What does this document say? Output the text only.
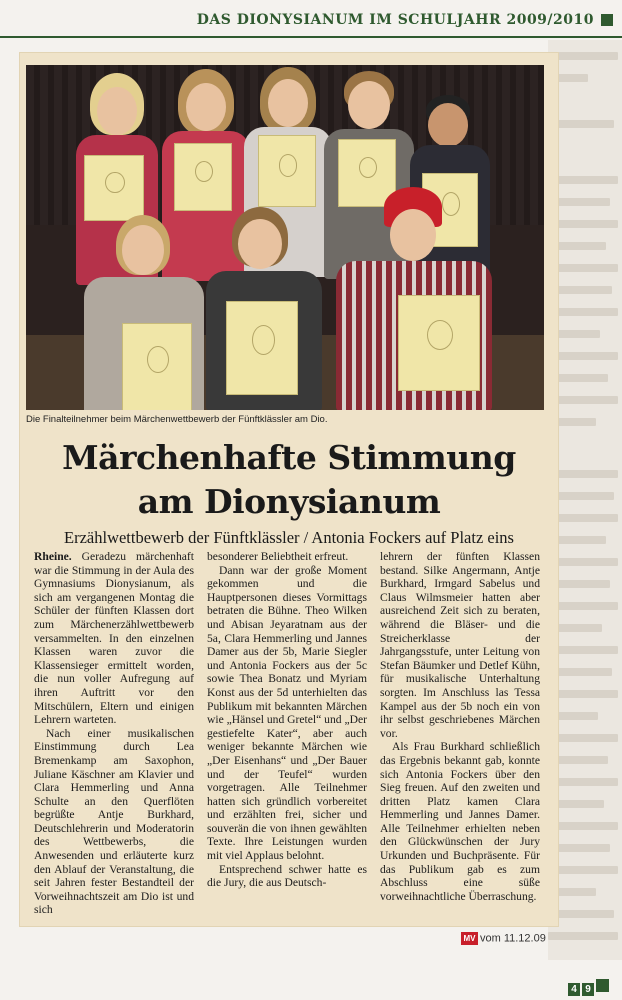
DAS DIONYSIANUM IM SCHULJAHR 2009/2010
Die Finalteilnehmer beim Märchenwettbewerb der Fünftklässler am Dio.
Märchenhafte Stimmung
am Dionysianum
Erzählwettbewerb der Fünftklässler / Antonia Fockers auf Platz eins

Rheine. Geradezu märchenhaft war die Stimmung in der Aula des Gymnasiums Dionysianum, als sich am vergangenen Montag die Schüler der fünften Klassen dort zum Märchenerzählwettbewerb versammelten. In den einzelnen Klassen waren zuvor die Klassensieger ermittelt worden, die nun voller Aufregung auf ihren Auftritt vor den Mitschülern, Eltern und einigen Lehrern warteten.

Nach einer musikalischen Einstimmung durch Lea Bremenkamp am Saxophon, Juliane Käschner am Klavier und Clara Hemmerling und Anna Schulte an den Querflöten begrüßte Antje Burkhard, Deutschlehrerin und Moderatorin des Wettbewerbs, die Anwesenden und erläuterte kurz den Ablauf der Veranstaltung, die seit Jahren fester Bestandteil der Vorweihnachtszeit am Dio ist und sich

besonderer Beliebtheit erfreut.

Dann war der große Moment gekommen und die Hauptpersonen dieses Vormittags betraten die Bühne. Theo Wilken und Abisan Jeyaratnam aus der 5a, Clara Hemmerling und Jannes Damer aus der 5b, Marie Siegler und Antonia Fockers aus der 5c sowie Thea Bonatz und Myriam Konst aus der 5d unterhielten das Publikum mit bekannten Märchen wie „Hänsel und Gretel“ und „Der gestiefelte Kater“, aber auch weniger bekannte Märchen wie „Der Eisenhans“ und „Der Bauer und der Teufel“ wurden vorgetragen. Alle Teilnehmer hatten sich gründlich vorbereitet und erzählten frei, sicher und souverän die von ihnen gewählten Texte. Ihre Leistungen wurden mit viel Applaus belohnt.

Entsprechend schwer hatte es die Jury, die aus Deutsch-

lehrern der fünften Klassen bestand. Silke Angermann, Antje Burkhard, Irmgard Sabelus und Claus Wilmsmeier hatten aber ausreichend Zeit sich zu beraten, während die Bläser- und die Streicherklasse der Jahrgangsstufe, unter Leitung von Stefan Bäumker und Detlef Kühn, für musikalische Unterhaltung sorgten. Im Anschluss las Tessa Kampel aus der 5b noch ein von ihr selbst geschriebenes Märchen vor.

Als Frau Burkhard schließlich das Ergebnis bekannt gab, konnte sich Antonia Fockers über den Sieg freuen. Auf den zweiten und dritten Platz kamen Clara Hemmerling und Jannes Damer. Alle Teilnehmer erhielten neben den Glückwünschen der Jury Urkunden und Buchpräsente. Für das Publikum gab es zum Abschluss eine süße vorweihnachtliche Überraschung.

MV vom 11.12.09
4 9
